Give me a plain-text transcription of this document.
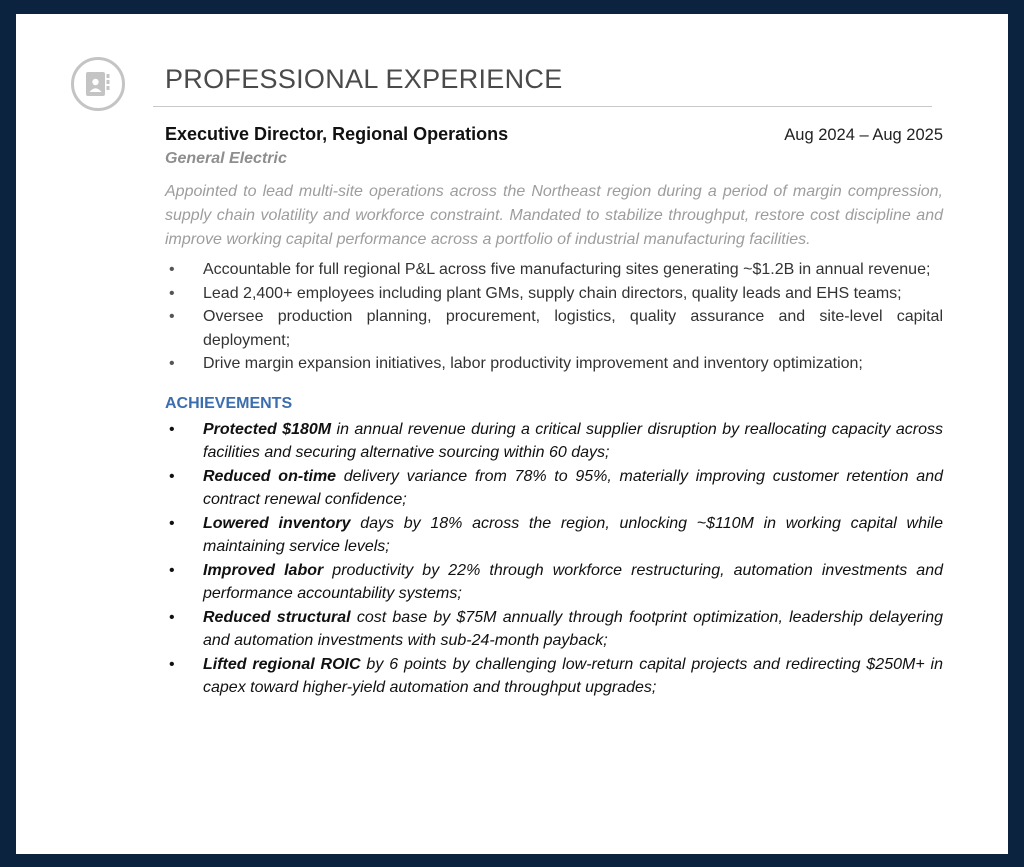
PROFESSIONAL EXPERIENCE
Executive Director, Regional Operations	Aug 2024 – Aug 2025
General Electric
Appointed to lead multi-site operations across the Northeast region during a period of margin compression, supply chain volatility and workforce constraint. Mandated to stabilize throughput, restore cost discipline and improve working capital performance across a portfolio of industrial manufacturing facilities.
• Accountable for full regional P&L across five manufacturing sites generating ~$1.2B in annual revenue;
• Lead 2,400+ employees including plant GMs, supply chain directors, quality leads and EHS teams;
• Oversee production planning, procurement, logistics, quality assurance and site-level capital deployment;
• Drive margin expansion initiatives, labor productivity improvement and inventory optimization;
ACHIEVEMENTS
• Protected $180M in annual revenue during a critical supplier disruption by reallocating capacity across facilities and securing alternative sourcing within 60 days;
• Reduced on-time delivery variance from 78% to 95%, materially improving customer retention and contract renewal confidence;
• Lowered inventory days by 18% across the region, unlocking ~$110M in working capital while maintaining service levels;
• Improved labor productivity by 22% through workforce restructuring, automation investments and performance accountability systems;
• Reduced structural cost base by $75M annually through footprint optimization, leadership delayering and automation investments with sub-24-month payback;
• Lifted regional ROIC by 6 points by challenging low-return capital projects and redirecting $250M+ in capex toward higher-yield automation and throughput upgrades;
